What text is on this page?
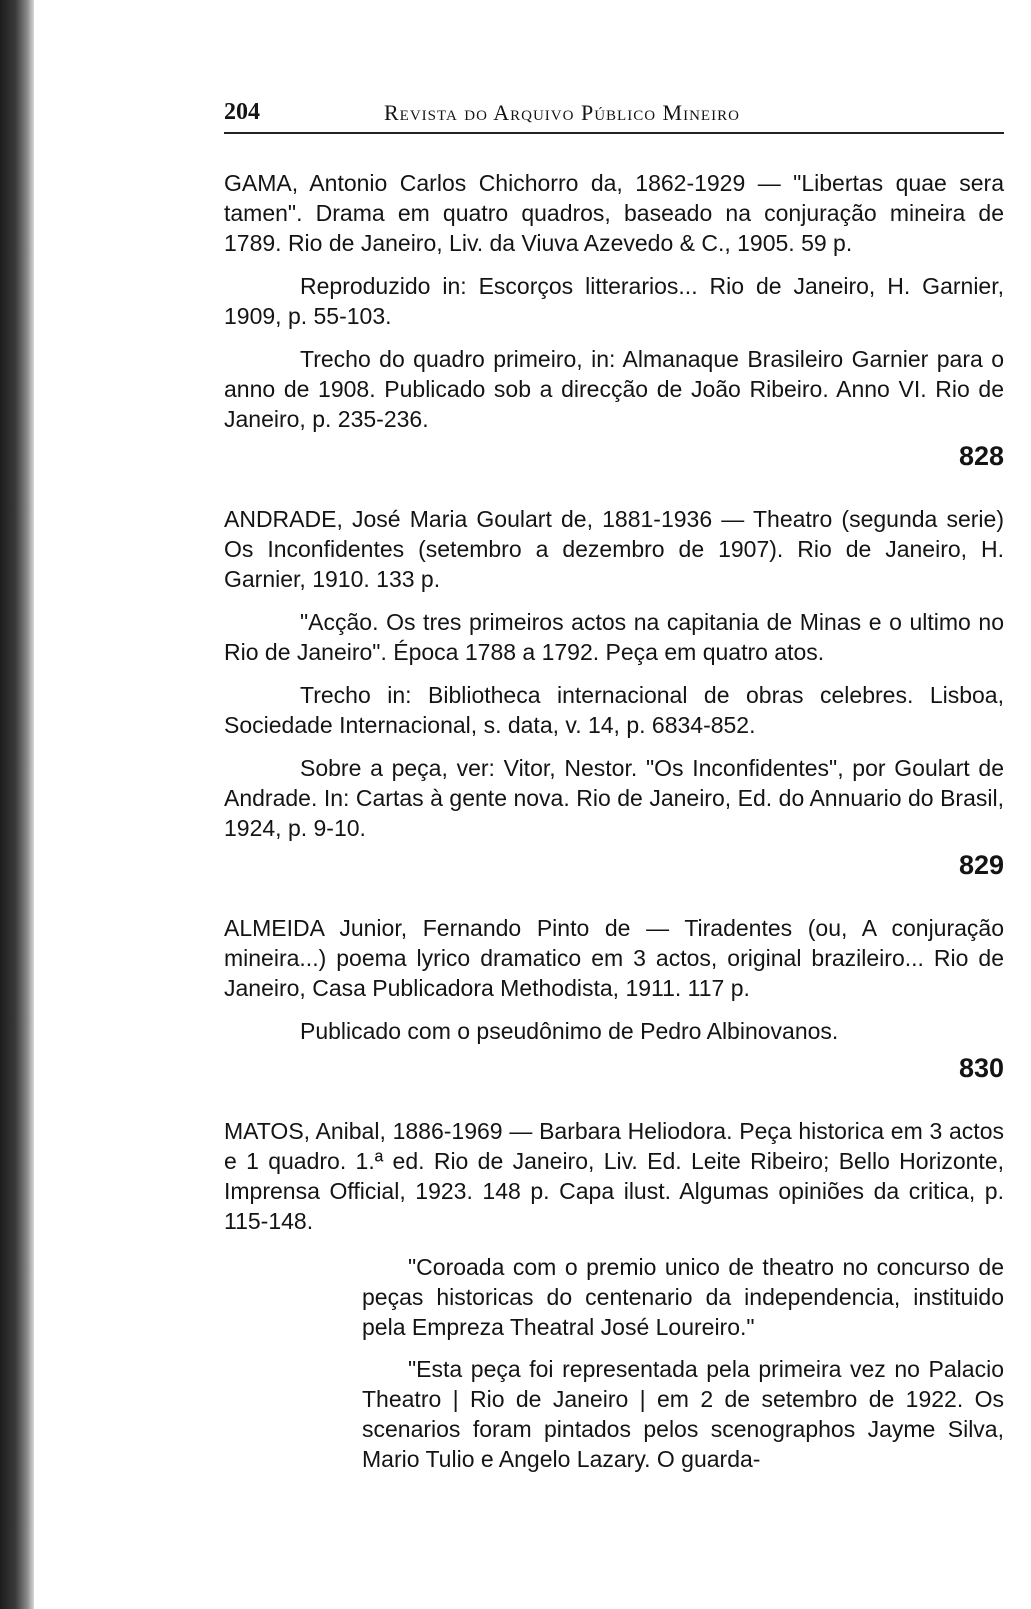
204	Revista do Arquivo Público Mineiro

GAMA, Antonio Carlos Chichorro da, 1862-1929 — "Libertas quae sera tamen". Drama em quatro quadros, baseado na conjuração mineira de 1789. Rio de Janeiro, Liv. da Viuva Azevedo & C., 1905. 59 p.

Reproduzido in: Escorços litterarios... Rio de Janeiro, H. Garnier, 1909, p. 55-103.

Trecho do quadro primeiro, in: Almanaque Brasileiro Garnier para o anno de 1908. Publicado sob a direcção de João Ribeiro. Anno VI. Rio de Janeiro, p. 235-236.

828

ANDRADE, José Maria Goulart de, 1881-1936 — Theatro (segunda serie) Os Inconfidentes (setembro a dezembro de 1907). Rio de Janeiro, H. Garnier, 1910. 133 p.

"Acção. Os tres primeiros actos na capitania de Minas e o ultimo no Rio de Janeiro". Época 1788 a 1792. Peça em quatro atos.

Trecho in: Bibliotheca internacional de obras celebres. Lisboa, Sociedade Internacional, s. data, v. 14, p. 6834-852.

Sobre a peça, ver: Vitor, Nestor. "Os Inconfidentes", por Goulart de Andrade. In: Cartas à gente nova. Rio de Janeiro, Ed. do Annuario do Brasil, 1924, p. 9-10.

829

ALMEIDA Junior, Fernando Pinto de — Tiradentes (ou, A conjuração mineira...) poema lyrico dramatico em 3 actos, original brazileiro... Rio de Janeiro, Casa Publicadora Methodista, 1911. 117 p.

Publicado com o pseudônimo de Pedro Albinovanos.

830

MATOS, Anibal, 1886-1969 — Barbara Heliodora. Peça historica em 3 actos e 1 quadro. 1.ª ed. Rio de Janeiro, Liv. Ed. Leite Ribeiro; Bello Horizonte, Imprensa Official, 1923. 148 p. Capa ilust. Algumas opiniões da critica, p. 115-148.

"Coroada com o premio unico de theatro no concurso de peças historicas do centenario da independencia, instituido pela Empreza Theatral José Loureiro."

"Esta peça foi representada pela primeira vez no Palacio Theatro | Rio de Janeiro | em 2 de setembro de 1922. Os scenarios foram pintados pelos scenographos Jayme Silva, Mario Tulio e Angelo Lazary. O guarda-
